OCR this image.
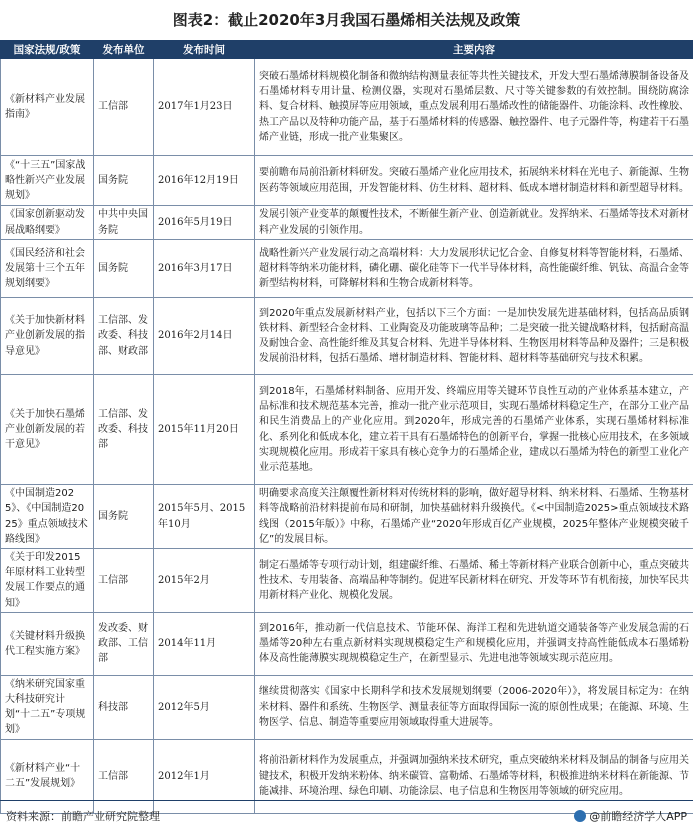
图表2：截止2020年3月我国石墨烯相关法规及政策
国家法规/政策	发布单位	发布时间	主要内容
《新材料产业发展指南》	工信部	2017年1月23日	突破石墨烯材料规模化制备和微纳结构测量表征等共性关键技术，开发大型石墨烯薄膜制备设备及石墨烯材料专用计量、检测仪器，实现对石墨烯层数、尺寸等关键参数的有效控制。围绕防腐涂料、复合材料、触摸屏等应用领域，重点发展利用石墨烯改性的储能器件、功能涂料、改性橡胶、热工产品以及特种功能产品，基于石墨烯材料的传感器、触控器件、电子元器件等，构建若干石墨烯产业链，形成一批产业集聚区。
《“十三五”国家战略性新兴产业发展规划》	国务院	2016年12月19日	要前瞻布局前沿新材料研发。突破石墨烯产业化应用技术，拓展纳米材料在光电子、新能源、生物医药等领域应用范围，开发智能材料、仿生材料、超材料、低成本增材制造材料和新型超导材料。
《国家创新驱动发展战略纲要》	中共中央国务院	2016年5月19日	发展引领产业变革的颠覆性技术，不断催生新产业、创造新就业。发挥纳米、石墨烯等技术对新材料产业发展的引领作用。
《国民经济和社会发展第十三个五年规划纲要》	国务院	2016年3月17日	战略性新兴产业发展行动之高端材料：大力发展形状记忆合金、自修复材料等智能材料，石墨烯、超材料等纳米功能材料，磷化硼、碳化硅等下一代半导体材料，高性能碳纤维、钒钛、高温合金等新型结构材料，可降解材料和生物合成新材料等。
《关于加快新材料产业创新发展的指导意见》	工信部、发改委、科技部、财政部	2016年2月14日	到2020年重点发展新材料产业，包括以下三个方面：一是加快发展先进基础材料，包括高品质钢铁材料、新型轻合金材料、工业陶瓷及功能玻璃等品种；二是突破一批关键战略材料，包括耐高温及耐蚀合金、高性能纤维及其复合材料、先进半导体材料、生物医用材料等品种及器件；三是积极发展前沿材料，包括石墨烯、增材制造材料、智能材料、超材料等基础研究与技术积累。
《关于加快石墨烯产业创新发展的若干意见》	工信部、发改委、科技部	2015年11月20日	到2018年，石墨烯材料制备、应用开发、终端应用等关键环节良性互动的产业体系基本建立，产品标准和技术规范基本完善，推动一批产业示范项目，实现石墨烯材料稳定生产，在部分工业产品和民生消费品上的产业化应用。到2020年，形成完善的石墨烯产业体系，实现石墨烯材料标准化、系列化和低成本化，建立若干具有石墨烯特色的创新平台，掌握一批核心应用技术，在多领域实现规模化应用。形成若干家具有核心竞争力的石墨烯企业，建成以石墨烯为特色的新型工业化产业示范基地。
《中国制造2025》、《中国制造2025》重点领域技术路线图》	国务院	2015年5月、2015年10月	明确要求高度关注颠覆性新材料对传统材料的影响，做好超导材料、纳米材料、石墨烯、生物基材料等战略前沿材料提前布局和研制，加快基础材料升级换代。《<中国制造2025>重点领域技术路线图（2015年版）》中称，石墨烯产业“2020年形成百亿产业规模，2025年整体产业规模突破千亿”的发展目标。
《关于印发2015年原材料工业转型发展工作要点的通知》	工信部	2015年2月	制定石墨烯等专项行动计划，组建碳纤维、石墨烯、稀土等新材料产业联合创新中心，重点突破共性技术、专用装备、高端品种等制约。促进军民新材料在研究、开发等环节有机衔接，加快军民共用新材料产业化、规模化发展。
《关键材料升级换代工程实施方案》	发改委、财政部、工信部	2014年11月	到2016年，推动新一代信息技术、节能环保、海洋工程和先进轨道交通装备等产业发展急需的石墨烯等20种左右重点新材料实现规模稳定生产和规模化应用，并强调支持高性能低成本石墨烯粉体及高性能薄膜实现规模稳定生产，在新型显示、先进电池等领域实现示范应用。
《纳米研究国家重大科技研究计划“十二五”专项规划》	科技部	2012年5月	继续贯彻落实《国家中长期科学和技术发展规划纲要（2006-2020年）》，将发展目标定为：在纳米材料、器件和系统、生物医学、测量表征等方面取得国际一流的原创性成果；在能源、环境、生物医学、信息、制造等重要应用领域取得重大进展等。
《新材料产业“十二五”发展规划》	工信部	2012年1月	将前沿新材料作为发展重点，并强调加强纳米技术研究，重点突破纳米材料及制品的制备与应用关键技术，积极开发纳米粉体、纳米碳管、富勒烯、石墨烯等材料，积极推进纳米材料在新能源、节能减排、环境治理、绿色印刷、功能涂层、电子信息和生物医用等领域的研究应用。
资料来源：前瞻产业研究院整理	@前瞻经济学人APP
